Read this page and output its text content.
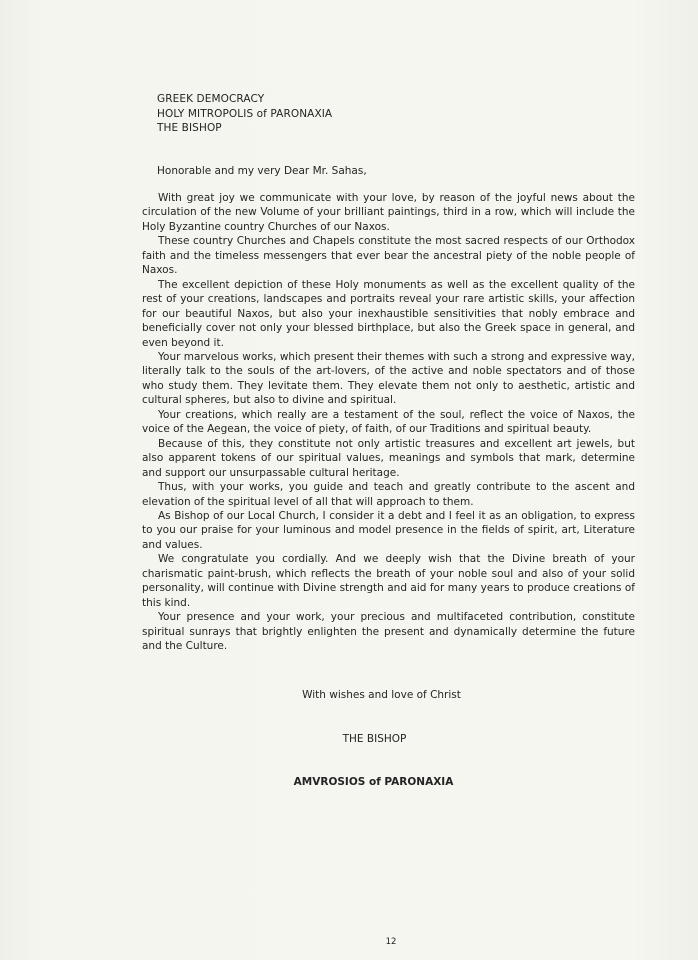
GREEK DEMOCRACY
HOLY MITROPOLIS of PARONAXIA
THE BISHOP
Honorable and my very Dear Mr. Sahas,

With great joy we communicate with your love, by reason of the joyful news about the circulation of the new Volume of your brilliant paintings, third in a row, which will include the Holy Byzantine country Churches of our Naxos.

These country Churches and Chapels constitute the most sacred respects of our Orthodox faith and the timeless messengers that ever bear the ancestral piety of the noble people of Naxos.

The excellent depiction of these Holy monuments as well as the excellent quality of the rest of your creations, landscapes and portraits reveal your rare artistic skills, your affection for our beautiful Naxos, but also your inexhaustible sensitivities that nobly embrace and beneficially cover not only your blessed birthplace, but also the Greek space in general, and even beyond it.

Your marvelous works, which present their themes with such a strong and expressive way, literally talk to the souls of the art-lovers, of the active and noble spectators and of those who study them. They levitate them. They elevate them not only to aesthetic, artistic and cultural spheres, but also to divine and spiritual.

Your creations, which really are a testament of the soul, reflect the voice of Naxos, the voice of the Aegean, the voice of piety, of faith, of our Traditions and spiritual beauty.

Because of this, they constitute not only artistic treasures and excellent art jewels, but also apparent tokens of our spiritual values, meanings and symbols that mark, determine and support our unsurpassable cultural heritage.

Thus, with your works, you guide and teach and greatly contribute to the ascent and elevation of the spiritual level of all that will approach to them.

As Bishop of our Local Church, I consider it a debt and I feel it as an obligation, to express to you our praise for your luminous and model presence in the fields of spirit, art, Literature and values.

We congratulate you cordially. And we deeply wish that the Divine breath of your charismatic paint-brush, which reflects the breath of your noble soul and also of your solid personality, will continue with Divine strength and aid for many years to produce creations of this kind.

Your presence and your work, your precious and multifaceted contribution, constitute spiritual sunrays that brightly enlighten the present and dynamically determine the future and the Culture.

With wishes and love of Christ
THE BISHOP
AMVROSIOS of PARONAXIA
12
